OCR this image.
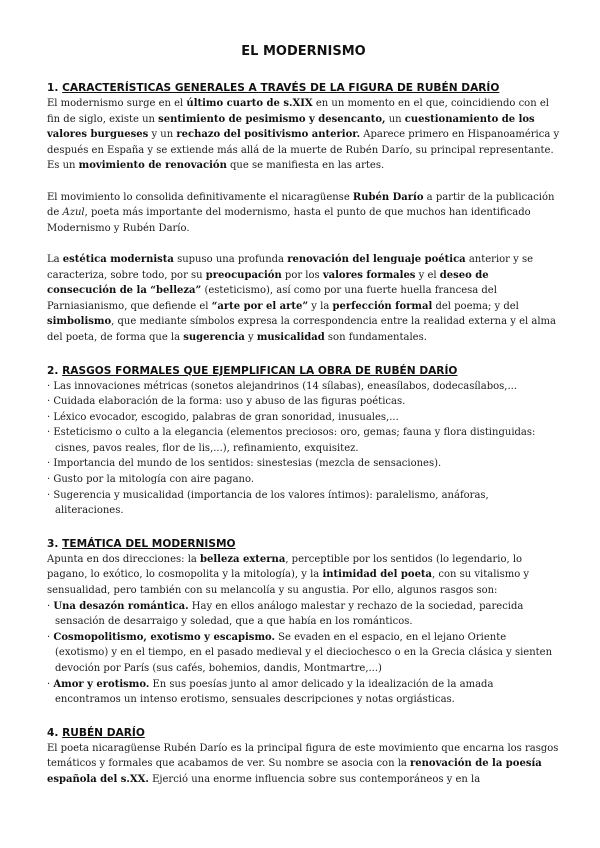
EL MODERNISMO
1. CARACTERÍSTICAS GENERALES A TRAVÉS DE LA FIGURA DE RUBÉN DARÍO

El modernismo surge en el último cuarto de s.XIX en un momento en el que, coincidiendo con el fin de siglo, existe un sentimiento de pesimismo y desencanto, un cuestionamiento de los valores burgueses y un rechazo del positivismo anterior. Aparece primero en Hispanoamérica y después en España y se extiende más allá de la muerte de Rubén Darío, su principal representante. Es un movimiento de renovación que se manifiesta en las artes.

El movimiento lo consolida definitivamente el nicaragüense Rubén Darío a partir de la publicación de Azul, poeta más importante del modernismo, hasta el punto de que muchos han identificado Modernismo y Rubén Darío.

La estética modernista supuso una profunda renovación del lenguaje poética anterior y se caracteriza, sobre todo, por su preocupación por los valores formales y el deseo de consecución de la “belleza” (esteticismo), así como por una fuerte huella francesa del Parniasianismo, que defiende el “arte por el arte” y la perfección formal del poema; y del simbolismo, que mediante símbolos expresa la correspondencia entre la realidad externa y el alma del poeta, de forma que la sugerencia y musicalidad son fundamentales.

2. RASGOS FORMALES QUE EJEMPLIFICAN LA OBRA DE RUBÉN DARÍO
· Las innovaciones métricas (sonetos alejandrinos (14 sílabas), eneasílabos, dodecasílabos,...
· Cuidada elaboración de la forma: uso y abuso de las figuras poéticas.
· Léxico evocador, escogido, palabras de gran sonoridad, inusuales,...
· Esteticismo o culto a la elegancia (elementos preciosos: oro, gemas; fauna y flora distinguidas: cisnes, pavos reales, flor de lis,...), refinamiento, exquisitez.
· Importancia del mundo de los sentidos: sinestesias (mezcla de sensaciones).
· Gusto por la mitología con aire pagano.
· Sugerencia y musicalidad (importancia de los valores íntimos): paralelismo, anáforas, aliteraciones.
3. TEMÁTICA DEL MODERNISMO

Apunta en dos direcciones: la belleza externa, perceptible por los sentidos (lo legendario, lo pagano, lo exótico, lo cosmopolita y la mitología), y la intimidad del poeta, con su vitalismo y sensualidad, pero también con su melancolía y su angustia. Por ello, algunos rasgos son:

· Una desazón romántica. Hay en ellos análogo malestar y rechazo de la sociedad, parecida sensación de desarraigo y soledad, que a que había en los románticos.
· Cosmopolitismo, exotismo y escapismo. Se evaden en el espacio, en el lejano Oriente (exotismo) y en el tiempo, en el pasado medieval y el dieciochesco o en la Grecia clásica y sienten devoción por París (sus cafés, bohemios, dandis, Montmartre,...)
· Amor y erotismo. En sus poesías junto al amor delicado y la idealización de la amada encontramos un intenso erotismo, sensuales descripciones y notas orgiásticas.
4. RUBÉN DARÍO

El poeta nicaragüense Rubén Darío es la principal figura de este movimiento que encarna los rasgos temáticos y formales que acabamos de ver. Su nombre se asocia con la renovación de la poesía española del s.XX. Ejerció una enorme influencia sobre sus contemporáneos y en la
